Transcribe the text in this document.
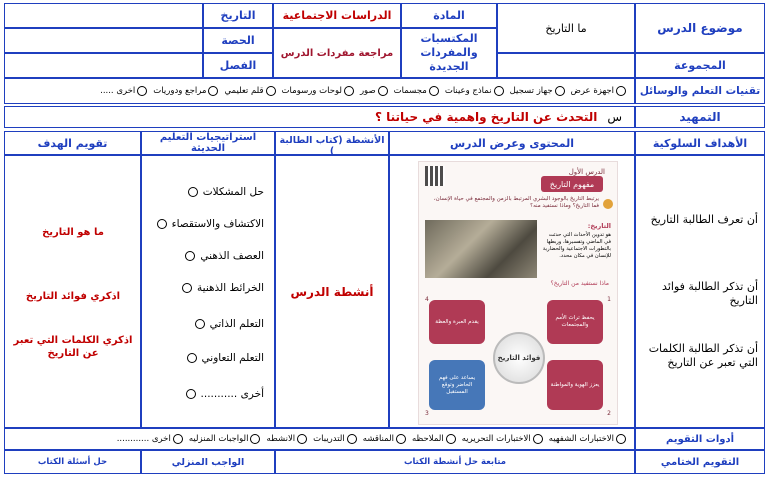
موضوع الدرس
ما التاريخ
المادة
المكتسبات
والمفردات الجديدة
الدراسات الاجتماعية
مراجعة مفردات الدرس
التاريخ
الحصة
الفصل	المجموعة
تقنيات التعلم والوسائل
اجهزة عرض
جهاز تسجيل
نماذج وعينات
مجسمات
صور
لوحات ورسومات
قلم تعليمي
مراجع ودوريات
اخرى .....
التمهيد
س
التحدث عن التاريخ واهمية في حياتنا ؟
الأهداف السلوكية
المحتوى وعرض الدرس
الأنشطة (كتاب الطالبة )
استراتيجيات التعليم الحديثة
تقويم الهدف
أن تعرف الطالبة التاريخ
أن تذكر الطالبة فوائد التاريخ
أن تذكر الطالبة الكلمات التي تعبر عن التاريخ
الدرس الأول
مفهوم التاريخ
يرتبط التاريخ بالوجود البشري المرتبط بالزمن والمجتمع في حياة الإنسان، فما التاريخ؟ وماذا نستفيد منه؟
التاريخ:
هو تدوين الأحداث التي حدثت في الماضي وتفسيرها، وربطها بالتطورات الاجتماعية والحضارية للإنسان في مكان محدد.
ماذا نستفيد من التاريخ؟
يحفظ تراث الأمم والمجتمعات
يعزز الهوية والمواطنة
يساعد على فهم الحاضر وتوقع المستقبل
يقدم العبرة والعظة
فوائد التاريخ
1
2
3
4
أنشطة الدرس
حل المشكلات
الاكتشاف والاستقصاء
العصف الذهني
الخرائط الذهنية
التعلم الذاتي
التعلم التعاوني
أخرى ...........
ما هو التاريخ
اذكري فوائد التاريخ
اذكري الكلمات التي تعبر عن التاريخ
أدوات التقويم
الاختبارات الشفهيه
الاختبارات التحريريه
الملاحظه
المناقشه
التدريبات
الانشطه
الواجبات المنزليه
اخرى ............
التقويم الختامي
متابعة حل أنشطة الكتاب
الواجب المنزلي
حل أسئلة الكتاب
